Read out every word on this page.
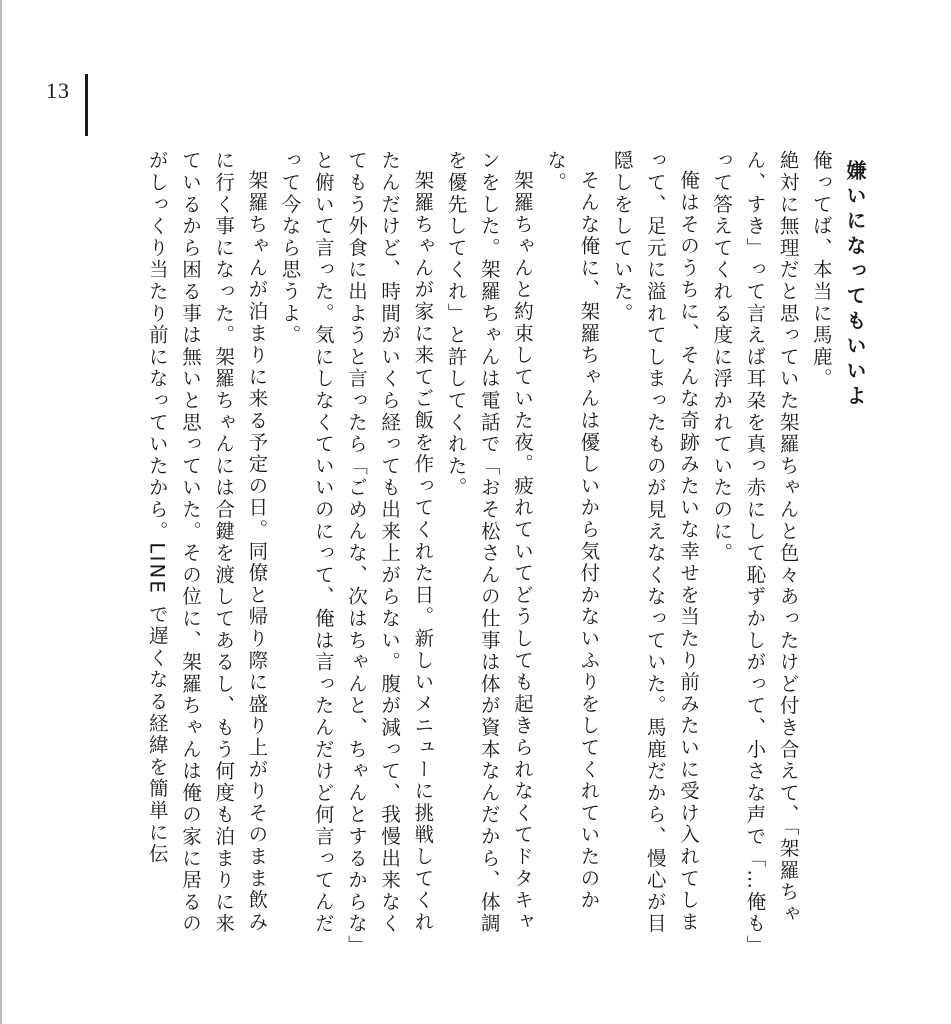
13

嫌いになってもいいよ

俺ってば、本当に馬鹿。

絶対に無理だと思っていた架羅ちゃんと色々あったけど付き合えて、「架羅ちゃん、すき」って言えば耳朶を真っ赤にして恥ずかしがって、小さな声で「…俺も」って答えてくれる度に浮かれていたのに。

俺はそのうちに、そんな奇跡みたいな幸せを当たり前みたいに受け入れてしまって、足元に溢れてしまったものが見えなくなっていた。馬鹿だから、慢心が目隠しをしていた。

そんな俺に、架羅ちゃんは優しいから気付かないふりをしてくれていたのかな。

架羅ちゃんと約束していた夜。疲れていてどうしても起きられなくてドタキャンをした。架羅ちゃんは電話で「おそ松さんの仕事は体が資本なんだから、体調を優先してくれ」と許してくれた。

架羅ちゃんが家に来てご飯を作ってくれた日。新しいメニューに挑戦してくれたんだけど、時間がいくら経っても出来上がらない。腹が減って、我慢出来なくてもう外食に出ようと言ったら「ごめんな、次はちゃんと、ちゃんとするからな」と俯いて言った。気にしなくていいのにって、俺は言ったんだけど何言ってんだって今なら思うよ。

架羅ちゃんが泊まりに来る予定の日。同僚と帰り際に盛り上がりそのまま飲みに行く事になった。架羅ちゃんには合鍵を渡してあるし、もう何度も泊まりに来ているから困る事は無いと思っていた。その位に、架羅ちゃんは俺の家に居るのがしっくり当たり前になっていたから。LINE で遅くなる経緯を簡単に伝
